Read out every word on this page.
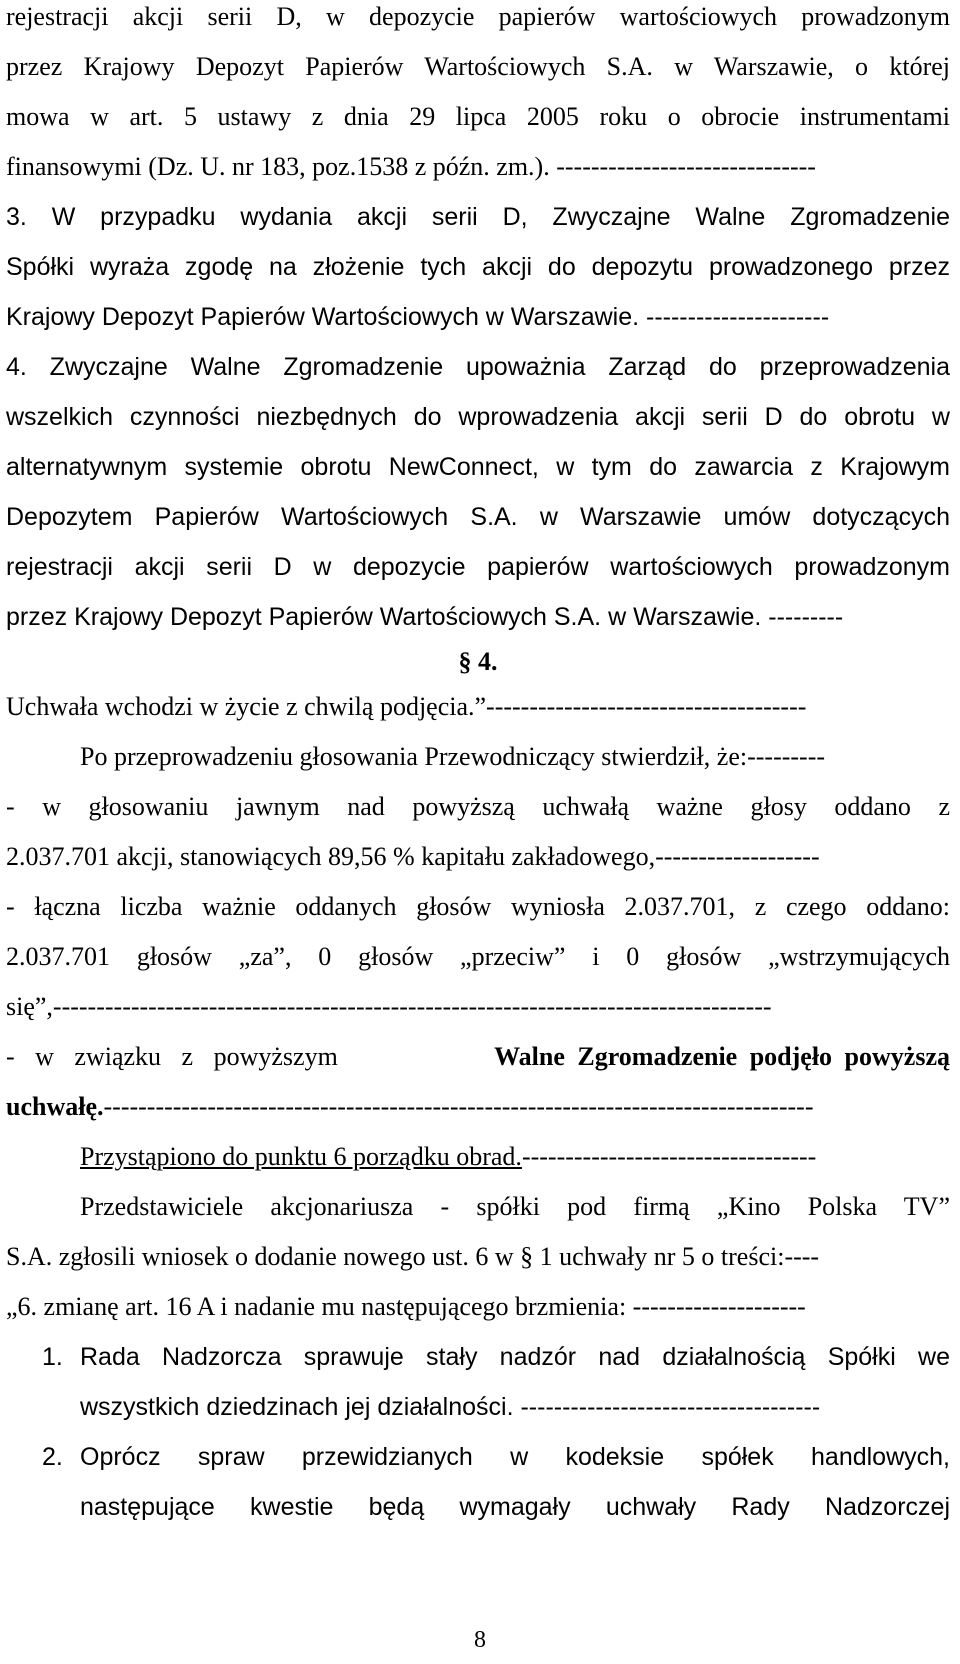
rejestracji akcji serii D, w depozycie papierów wartościowych prowadzonym
przez Krajowy Depozyt Papierów Wartościowych S.A. w Warszawie, o której
mowa w art. 5 ustawy z dnia 29 lipca 2005 roku o obrocie instrumentami
finansowymi (Dz. U. nr 183, poz.1538 z późn. zm.). ------------------------------
3. W przypadku wydania akcji serii D, Zwyczajne Walne Zgromadzenie
Spółki wyraża zgodę na złożenie tych akcji do depozytu prowadzonego przez
Krajowy Depozyt Papierów Wartościowych w Warszawie. ----------------------
4. Zwyczajne Walne Zgromadzenie upoważnia Zarząd do przeprowadzenia
wszelkich czynności niezbędnych do wprowadzenia akcji serii D do obrotu w
alternatywnym systemie obrotu NewConnect, w tym do zawarcia z Krajowym
Depozytem Papierów Wartościowych S.A. w Warszawie umów dotyczących
rejestracji akcji serii D w depozycie papierów wartościowych prowadzonym
przez Krajowy Depozyt Papierów Wartościowych S.A. w Warszawie. ---------
§ 4.
Uchwała wchodzi w życie z chwilą podjęcia.”-------------------------------------
Po przeprowadzeniu głosowania Przewodniczący stwierdził, że:---------
- w głosowaniu jawnym nad powyższą uchwałą ważne głosy oddano z
2.037.701 akcji, stanowiących 89,56 % kapitału zakładowego,-------------------
- łączna liczba ważnie oddanych głosów wyniosła 2.037.701, z czego oddano:
2.037.701 głosów „za”, 0 głosów „przeciw” i 0 głosów „wstrzymujących
się”,-----------------------------------------------------------------------------------
- w związku z powyższym	Walne Zgromadzenie podjęło powyższą
uchwałę.----------------------------------------------------------------------------------
Przystąpiono do punktu 6 porządku obrad.----------------------------------
Przedstawiciele akcjonariusza - spółki pod firmą „Kino Polska TV”
S.A. zgłosili wniosek o dodanie nowego ust. 6 w § 1 uchwały nr 5 o treści:----
„6. zmianę art. 16 A i nadanie mu następującego brzmienia: --------------------
1. Rada Nadzorcza sprawuje stały nadzór nad działalnością Spółki we
wszystkich dziedzinach jej działalności. ------------------------------------
2. Oprócz spraw przewidzianych w kodeksie spółek handlowych,
następujące kwestie będą wymagały uchwały Rady Nadzorczej
8
